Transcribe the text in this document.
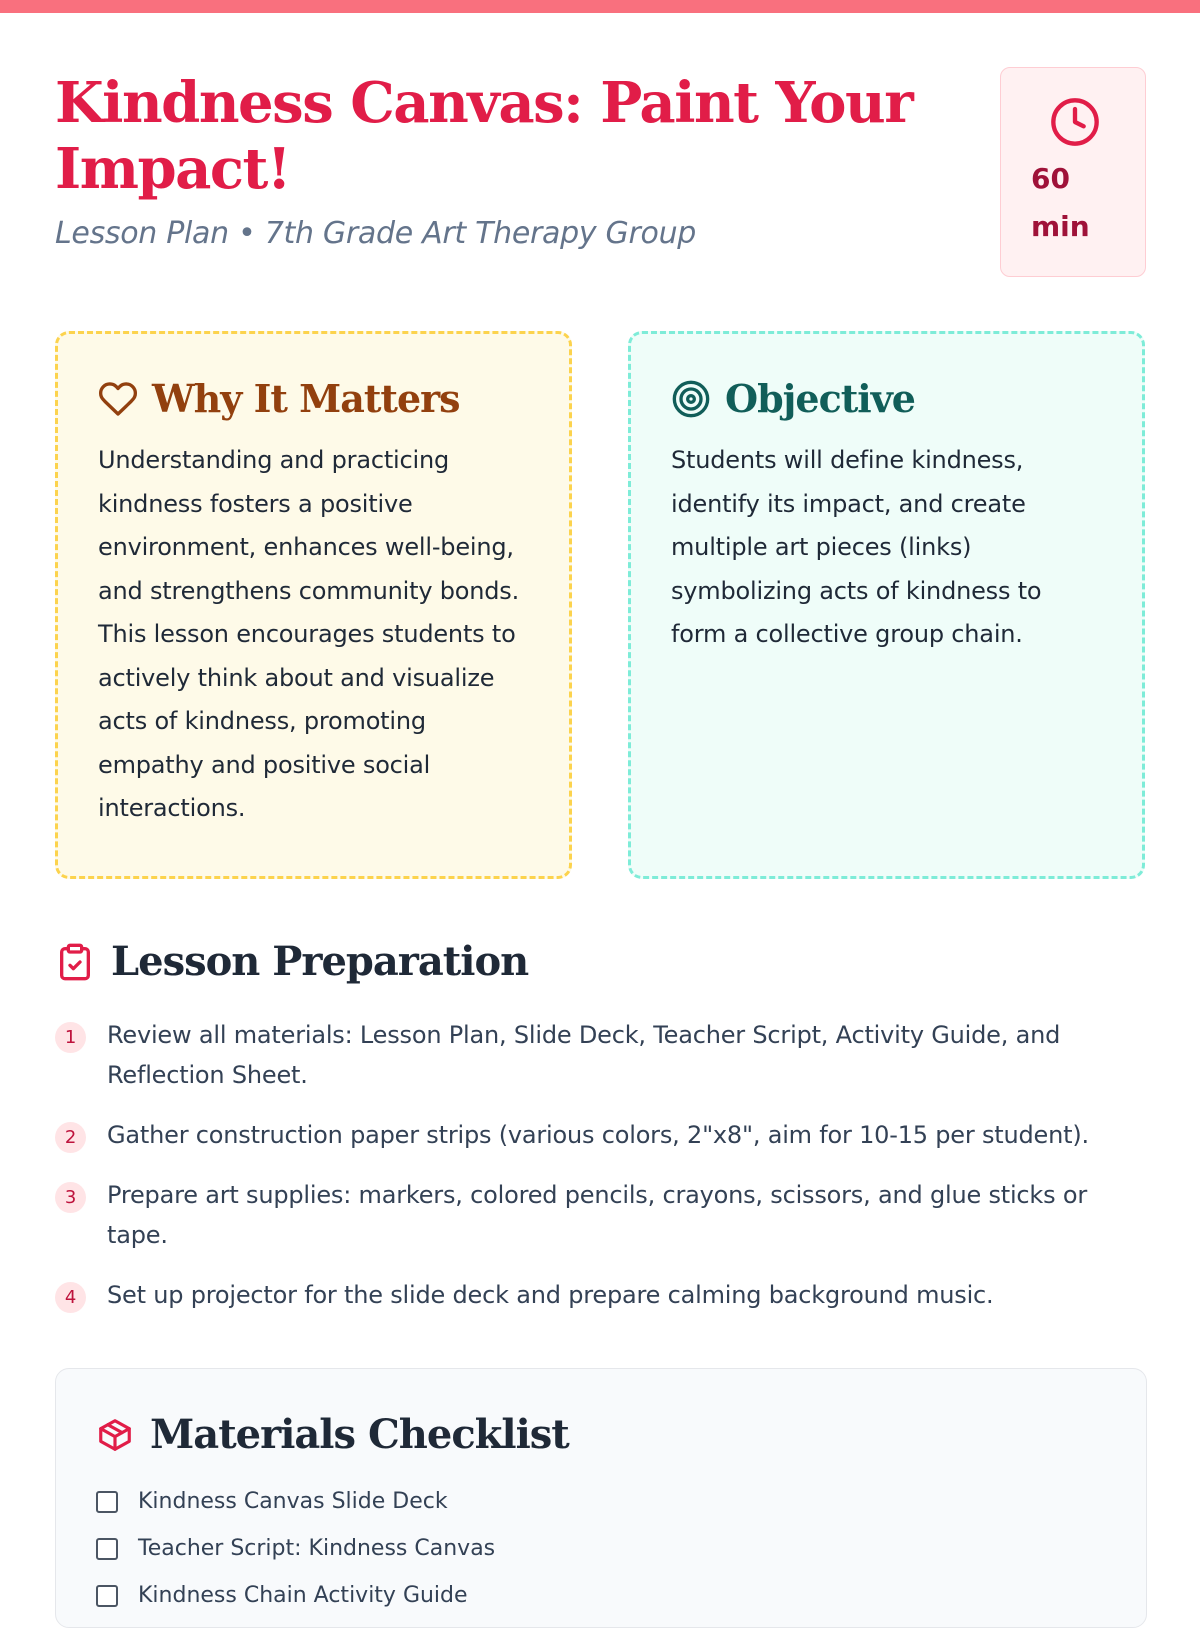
Kindness Canvas: Paint Your Impact!
Lesson Plan • 7th Grade Art Therapy Group
60
min
Why It Matters

Understanding and practicing kindness fosters a positive environment, enhances well-being, and strengthens community bonds. This lesson encourages students to actively think about and visualize acts of kindness, promoting empathy and positive social interactions.

Objective

Students will define kindness, identify its impact, and create multiple art pieces (links) symbolizing acts of kindness to form a collective group chain.

Lesson Preparation
1	Review all materials: Lesson Plan, Slide Deck, Teacher Script, Activity Guide, and Reflection Sheet.
2	Gather construction paper strips (various colors, 2"x8", aim for 10-15 per student).
3	Prepare art supplies: markers, colored pencils, crayons, scissors, and glue sticks or tape.
4	Set up projector for the slide deck and prepare calming background music.
Materials Checklist
Kindness Canvas Slide Deck
Teacher Script: Kindness Canvas
Kindness Chain Activity Guide
